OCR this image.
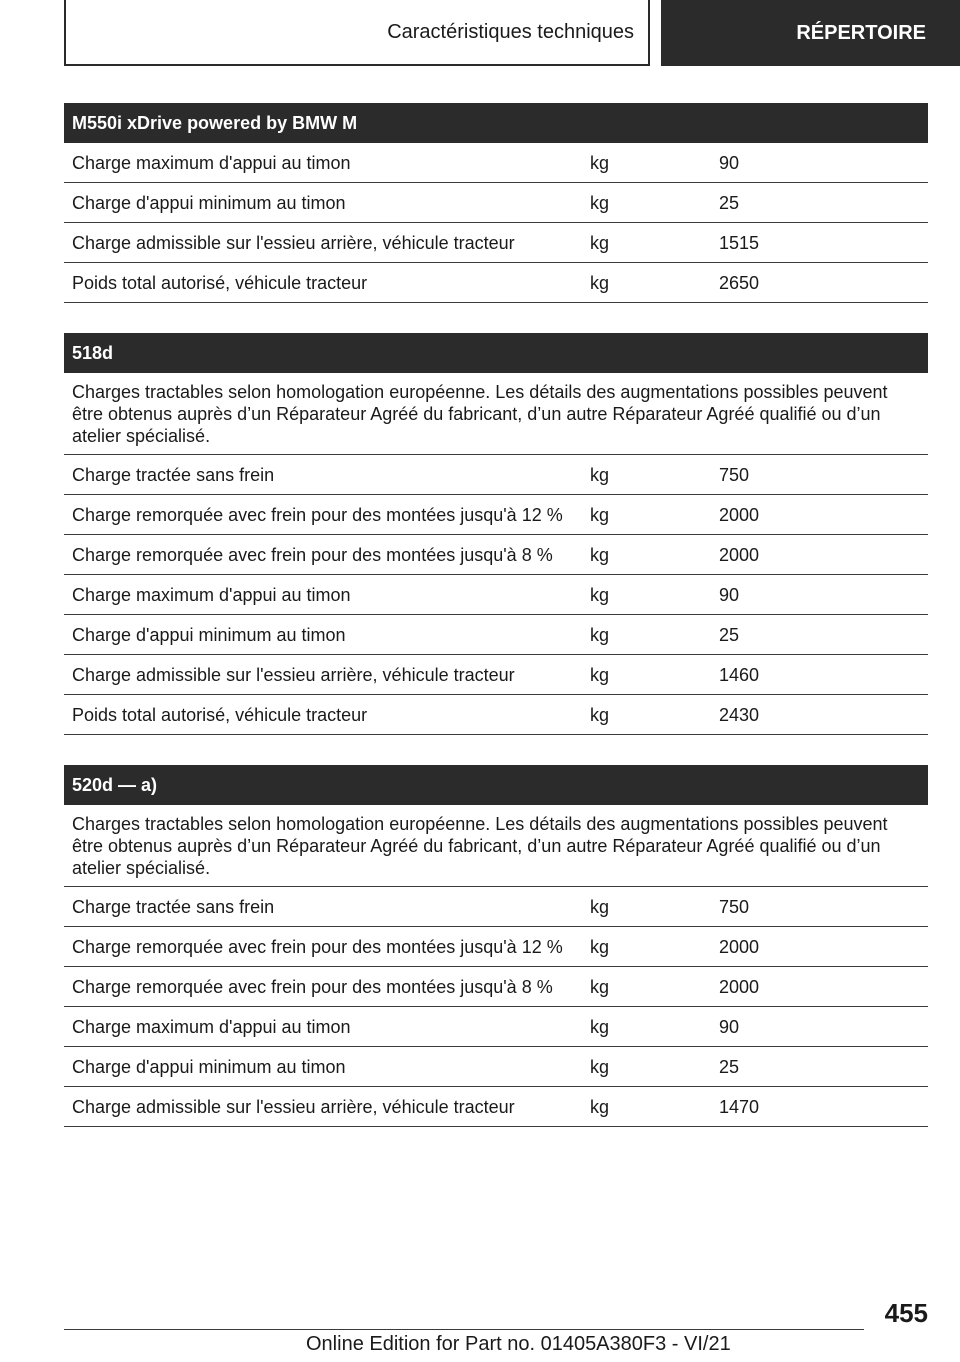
Caractéristiques techniques	RÉPERTOIRE
M550i xDrive powered by BMW M
Charge maximum d'appui au timon	kg	90
Charge d'appui minimum au timon	kg	25
Charge admissible sur l'essieu arrière, véhicule tracteur	kg	1515
Poids total autorisé, véhicule tracteur	kg	2650
518d
Charges tractables selon homologation européenne. Les détails des augmentations possibles peuvent être obtenus auprès d’un Réparateur Agréé du fabricant, d’un autre Réparateur Agréé qualifié ou d’un atelier spécialisé.
Charge tractée sans frein	kg	750
Charge remorquée avec frein pour des montées jusqu'à 12 %	kg	2000
Charge remorquée avec frein pour des montées jusqu'à 8 %	kg	2000
Charge maximum d'appui au timon	kg	90
Charge d'appui minimum au timon	kg	25
Charge admissible sur l'essieu arrière, véhicule tracteur	kg	1460
Poids total autorisé, véhicule tracteur	kg	2430
520d — a)
Charges tractables selon homologation européenne. Les détails des augmentations possibles peuvent être obtenus auprès d’un Réparateur Agréé du fabricant, d’un autre Réparateur Agréé qualifié ou d’un atelier spécialisé.
Charge tractée sans frein	kg	750
Charge remorquée avec frein pour des montées jusqu'à 12 %	kg	2000
Charge remorquée avec frein pour des montées jusqu'à 8 %	kg	2000
Charge maximum d'appui au timon	kg	90
Charge d'appui minimum au timon	kg	25
Charge admissible sur l'essieu arrière, véhicule tracteur	kg	1470
455
Online Edition for Part no. 01405A380F3 - VI/21
